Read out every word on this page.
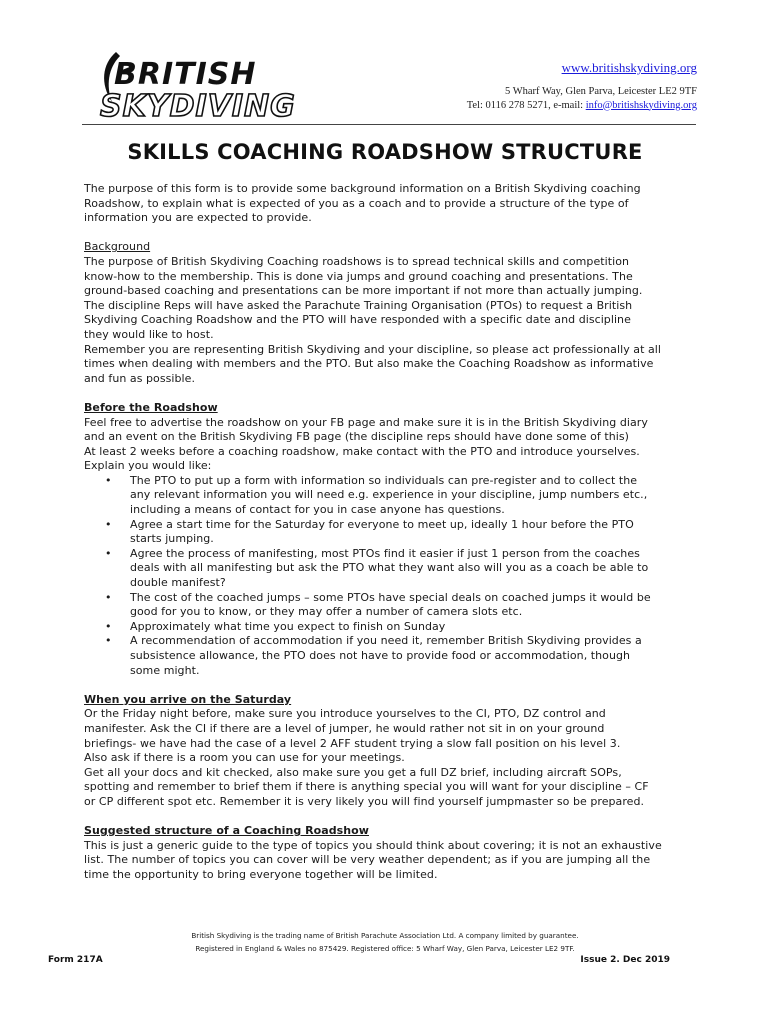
BRITISH
SKYDIVING
www.britishskydiving.org
5 Wharf Way, Glen Parva, Leicester LE2 9TF
Tel: 0116 278 5271, e-mail: info@britishskydiving.org
SKILLS COACHING ROADSHOW STRUCTURE

The purpose of this form is to provide some background information on a British Skydiving coaching

Roadshow, to explain what is expected of you as a coach and to provide a structure of the type of

information you are expected to provide.

Background

The purpose of British Skydiving Coaching roadshows is to spread technical skills and competition

know-how to the membership. This is done via jumps and ground coaching and presentations. The

ground-based coaching and presentations can be more important if not more than actually jumping.

The discipline Reps will have asked the Parachute Training Organisation (PTOs) to request a British

Skydiving Coaching Roadshow and the PTO will have responded with a specific date and discipline

they would like to host.

Remember you are representing British Skydiving and your discipline, so please act professionally at all

times when dealing with members and the PTO. But also make the Coaching Roadshow as informative

and fun as possible.

Before the Roadshow

Feel free to advertise the roadshow on your FB page and make sure it is in the British Skydiving diary

and an event on the British Skydiving FB page (the discipline reps should have done some of this)

At least 2 weeks before a coaching roadshow, make contact with the PTO and introduce yourselves.

Explain you would like:

• The PTO to put up a form with information so individuals can pre-register and to collect the

any relevant information you will need e.g. experience in your discipline, jump numbers etc.,

including a means of contact for you in case anyone has questions.

• Agree a start time for the Saturday for everyone to meet up, ideally 1 hour before the PTO

starts jumping.

• Agree the process of manifesting, most PTOs find it easier if just 1 person from the coaches

deals with all manifesting but ask the PTO what they want also will you as a coach be able to

double manifest?

• The cost of the coached jumps – some PTOs have special deals on coached jumps it would be

good for you to know, or they may offer a number of camera slots etc.

• Approximately what time you expect to finish on Sunday

• A recommendation of accommodation if you need it, remember British Skydiving provides a

subsistence allowance, the PTO does not have to provide food or accommodation, though

some might.

When you arrive on the Saturday

Or the Friday night before, make sure you introduce yourselves to the CI, PTO, DZ control and

manifester. Ask the CI if there are a level of jumper, he would rather not sit in on your ground

briefings- we have had the case of a level 2 AFF student trying a slow fall position on his level 3.

Also ask if there is a room you can use for your meetings.

Get all your docs and kit checked, also make sure you get a full DZ brief, including aircraft SOPs,

spotting and remember to brief them if there is anything special you will want for your discipline – CF

or CP different spot etc. Remember it is very likely you will find yourself jumpmaster so be prepared.

Suggested structure of a Coaching Roadshow

This is just a generic guide to the type of topics you should think about covering; it is not an exhaustive

list. The number of topics you can cover will be very weather dependent; as if you are jumping all the

time the opportunity to bring everyone together will be limited.

British Skydiving is the trading name of British Parachute Association Ltd. A company limited by guarantee.
Registered in England & Wales no 875429. Registered office: 5 Wharf Way, Glen Parva, Leicester LE2 9TF.
Form 217A	Issue 2. Dec 2019
